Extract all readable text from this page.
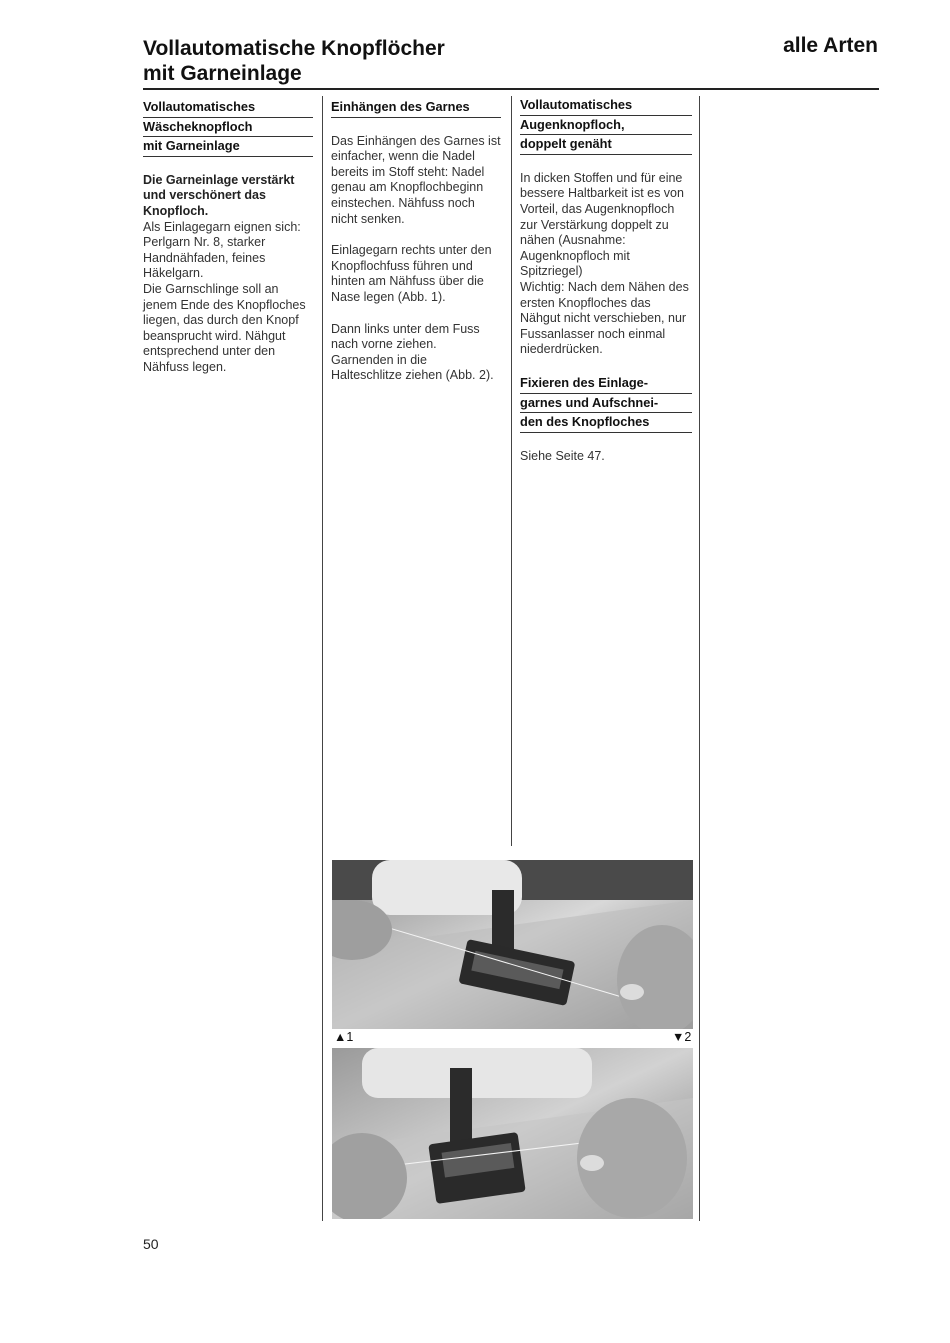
Vollautomatische Knopflöcher
mit Garneinlage
alle Arten
Vollautomatisches
Wäscheknopfloch
mit Garneinlage

Die Garneinlage verstärkt und verschönert das Knopfloch.

Als Einlagegarn eignen sich: Perlgarn Nr. 8, starker Handnähfaden, feines Häkelgarn.

Die Garnschlinge soll an jenem Ende des Knopfloches liegen, das durch den Knopf beansprucht wird. Nähgut entsprechend unter den Nähfuss legen.

Einhängen des Garnes

Das Einhängen des Garnes ist einfacher, wenn die Nadel bereits im Stoff steht: Nadel genau am Knopflochbeginn einstechen. Nähfuss noch nicht senken.

Einlagegarn rechts unter den Knopflochfuss führen und hinten am Nähfuss über die Nase legen (Abb. 1).

Dann links unter dem Fuss nach vorne ziehen. Garnenden in die Halteschlitze ziehen (Abb. 2).

Vollautomatisches
Augenknopfloch,
doppelt genäht

In dicken Stoffen und für eine bessere Haltbarkeit ist es von Vorteil, das Augenknopfloch zur Verstärkung doppelt zu nähen (Ausnahme: Augenknopfloch mit Spitzriegel)

Wichtig: Nach dem Nähen des ersten Knopfloches das Nähgut nicht verschieben, nur Fussanlasser noch einmal niederdrücken.

Fixieren des Einlage-
garnes und Aufschnei-
den des Knopfloches

Siehe Seite 47.

▲1	▼2
50
